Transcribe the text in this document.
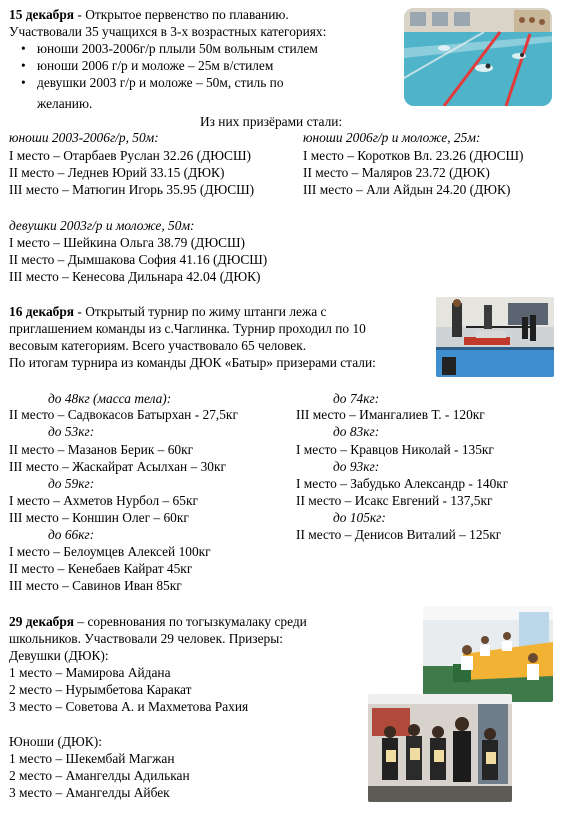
15 декабря - Открытое первенство по плаванию.
Участвовали 35 учащихся в 3-х возрастных категориях:
• юноши 2003-2006г/р плыли 50м вольным стилем
• юноши 2006 г/р и моложе – 25м в/стилем
• девушки 2003 г/р и моложе – 50м, стиль по
желанию.
Из них призёрами стали:
юноши 2003-2006г/р, 50м:
I место – Отарбаев Руслан 32.26 (ДЮСШ)
II место – Леднев Юрий 33.15 (ДЮК)
III место – Матюгин Игорь 35.95 (ДЮСШ)
юноши 2006г/р и моложе, 25м:
I место – Коротков Вл. 23.26 (ДЮСШ)
II место – Маляров 23.72 (ДЮК)
III место – Али Айдын 24.20 (ДЮК)
девушки 2003г/р и моложе, 50м:
I место – Шейкина Ольга 38.79 (ДЮСШ)
II место – Дымшакова София 41.16 (ДЮСШ)
III место – Кенесова Дильнара 42.04 (ДЮК)
16 декабря - Открытый турнир по жиму штанги лежа с
приглашением команды из с.Чаглинка. Турнир проходил по 10
весовым категориям. Всего участвовало 65 человек.
По итогам турнира из команды ДЮК «Батыр» призерами стали:
до 48кг (масса тела):
II место – Садвокасов Батырхан - 27,5кг
до 53кг:
II место – Мазанов Берик – 60кг
III место – Жаскайрат Асылхан – 30кг
до 59кг:
I место – Ахметов Нурбол – 65кг
III место – Коншин Олег – 60кг
до 66кг:
I место – Белоумцев Алексей 100кг
II место – Кенебаев Кайрат 45кг
III место – Савинов Иван 85кг
до 74кг:
III место – Имангалиев Т. - 120кг
до 83кг:
I место – Кравцов Николай - 135кг
до 93кг:
I место – Забудько Александр - 140кг
II место – Исакс Евгений - 137,5кг
до 105кг:
II место – Денисов Виталий – 125кг
29 декабря – соревнования по тогызкумалаку среди
школьников. Участвовали 29 человек. Призеры:
Девушки (ДЮК):
1 место – Мамирова Айдана
2 место – Нурымбетова Каракат
3 место – Советова А. и Махметова Рахия
Юноши (ДЮК):
1 место – Шекембай Магжан
2 место – Амангелды Адилькан
3 место – Амангелды Айбек
